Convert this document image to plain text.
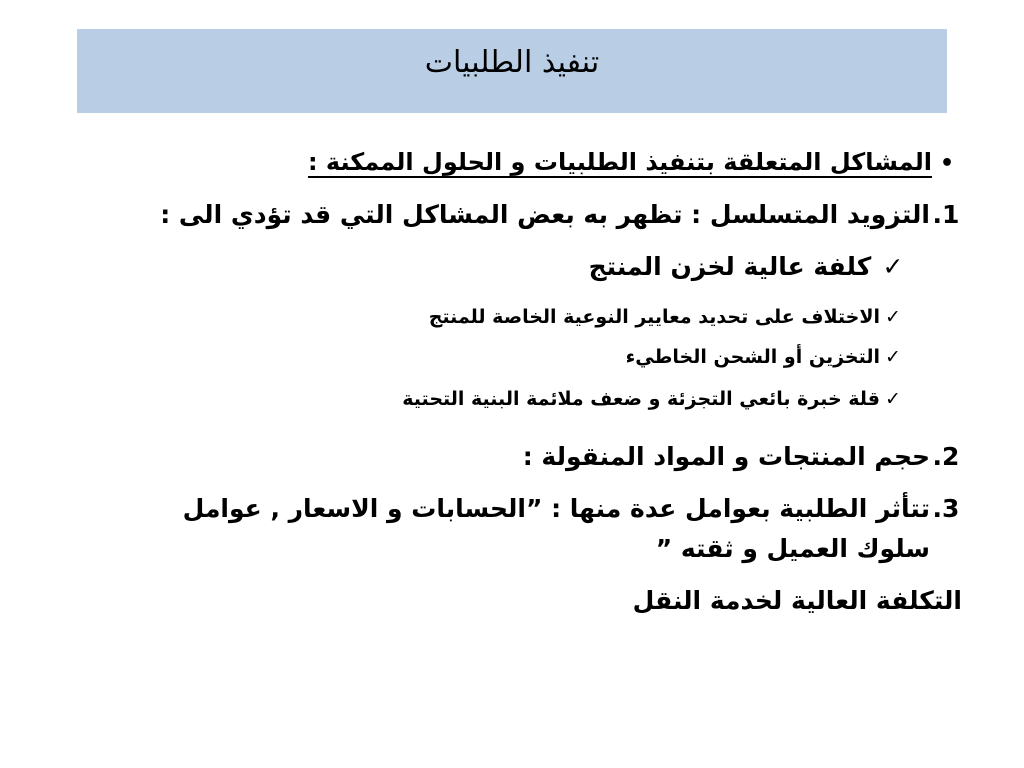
تنفيذ الطلبيات
•المشاكل المتعلقة بتنفيذ الطلبيات و الحلول الممكنة :
1.التزويد المتسلسل : تظهر به بعض المشاكل التي قد تؤدي الى :
✓ كلفة عالية لخزن المنتج
✓الاختلاف على تحديد معايير النوعية الخاصة للمنتج
✓التخزين أو الشحن الخاطيء
✓قلة خبرة بائعي التجزئة و ضعف ملائمة البنية التحتية
2.حجم المنتجات و المواد المنقولة :
3.تتأثر الطلبية بعوامل عدة منها : ”الحسابات و الاسعار , عوامل
سلوك العميل و ثقته ”
التكلفة العالية لخدمة النقل
